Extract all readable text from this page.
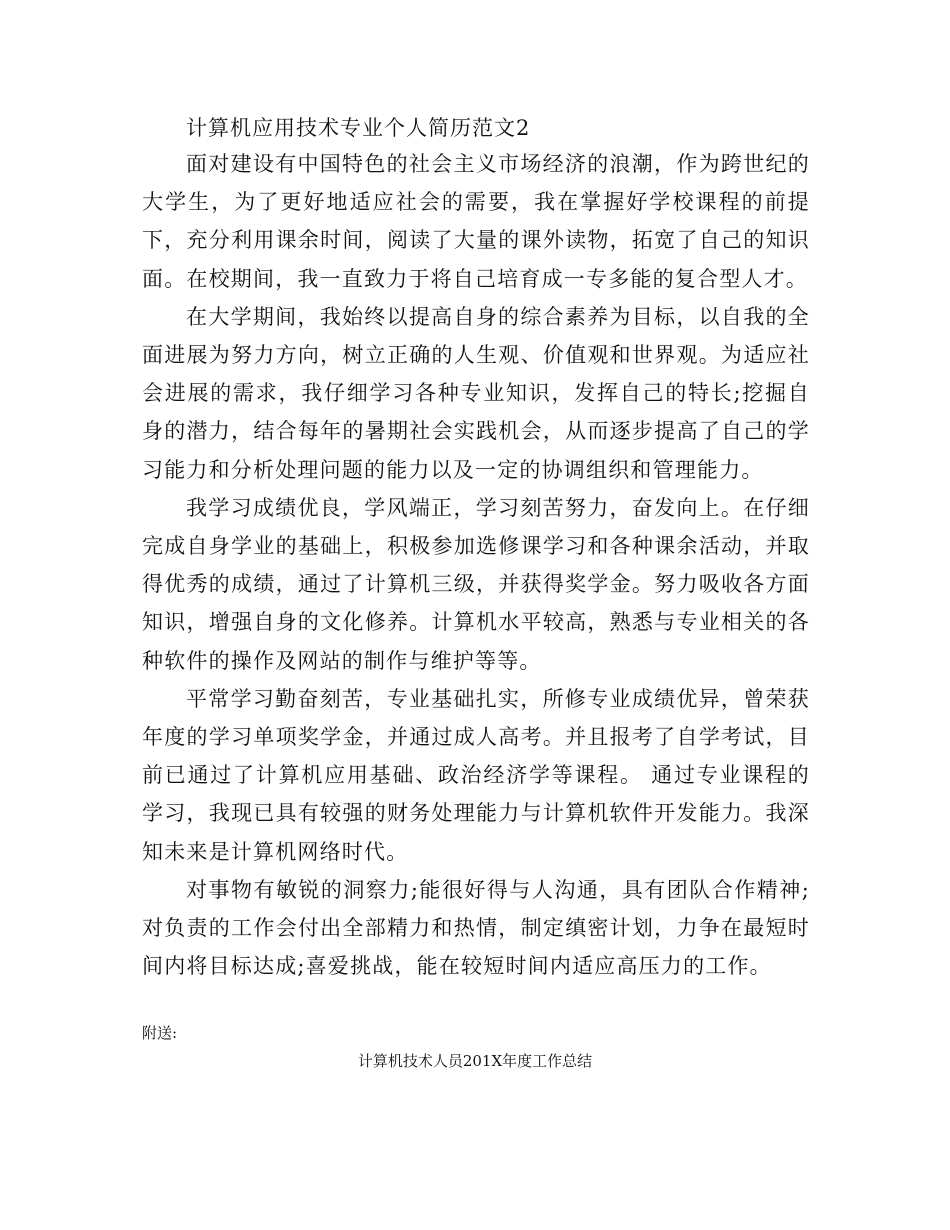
计算机应用技术专业个人简历范文2

面对建设有中国特色的社会主义市场经济的浪潮，作为跨世纪的大学生，为了更好地适应社会的需要，我在掌握好学校课程的前提下，充分利用课余时间，阅读了大量的课外读物，拓宽了自己的知识面。在校期间，我一直致力于将自己培育成一专多能的复合型人才。

在大学期间，我始终以提高自身的综合素养为目标，以自我的全面进展为努力方向，树立正确的人生观、价值观和世界观。为适应社会进展的需求，我仔细学习各种专业知识，发挥自己的特长;挖掘自身的潜力，结合每年的暑期社会实践机会，从而逐步提高了自己的学习能力和分析处理问题的能力以及一定的协调组织和管理能力。

我学习成绩优良，学风端正，学习刻苦努力，奋发向上。在仔细完成自身学业的基础上，积极参加选修课学习和各种课余活动，并取得优秀的成绩，通过了计算机三级，并获得奖学金。努力吸收各方面知识，增强自身的文化修养。计算机水平较高，熟悉与专业相关的各种软件的操作及网站的制作与维护等等。

平常学习勤奋刻苦，专业基础扎实，所修专业成绩优异，曾荣获年度的学习单项奖学金，并通过成人高考。并且报考了自学考试，目前已通过了计算机应用基础、政治经济学等课程。 通过专业课程的学习，我现已具有较强的财务处理能力与计算机软件开发能力。我深知未来是计算机网络时代。

对事物有敏锐的洞察力;能很好得与人沟通，具有团队合作精神;对负责的工作会付出全部精力和热情，制定缜密计划，力争在最短时间内将目标达成;喜爱挑战，能在较短时间内适应高压力的工作。

附送:
计算机技术人员201X年度工作总结
